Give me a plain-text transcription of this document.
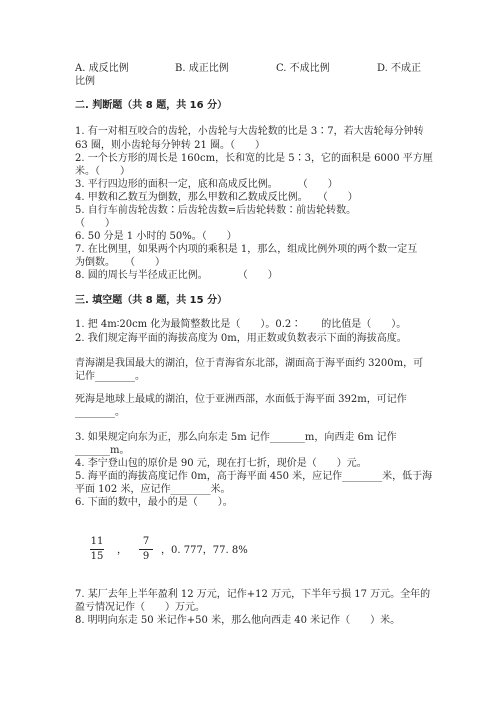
A. 成反比例	B. 成正比例	C. 不成比例	D. 不成正
比例
二. 判断题（共 8 题，共 16 分）
1. 有一对相互咬合的齿轮，小齿轮与大齿轮数的比是 3∶7，若大齿轮每分钟转
63 圈，则小齿轮每分钟转 21 圈。（　　）
2. 一个长方形的周长是 160cm，长和宽的比是 5∶3，它的面积是 6000 平方厘
米。（　　）
3. 平行四边形的面积一定，底和高成反比例。　　　（　　）
4. 甲数和乙数互为倒数，那么甲数和乙数成反比例。　　（　　）
5. 自行车前齿轮齿数∶后齿轮齿数=后齿轮转数∶前齿轮转数。
（　　）
6. 50 分是 1 小时的 50%。（　　）
7. 在比例里，如果两个内项的乘积是 1，那么，组成比例外项的两个数一定互
为倒数。　　（　　）
8. 圆的周长与半径成正比例。　　　　（　　）
三. 填空题（共 8 题，共 15 分）
1. 把 4m∶20cm 化为最简整数比是（　　）。0.2∶　　的比值是（　　）。
2. 我们规定海平面的海拔高度为 0m，用正数或负数表示下面的海拔高度。
青海湖是我国最大的湖泊，位于青海省东北部，湖面高于海平面约 3200m，可
记作________。
死海是地球上最咸的湖泊，位于亚洲西部，水面低于海平面 392m，可记作
________。
3. 如果规定向东为正，那么向东走 5m 记作_______m，向西走 6m 记作
_______m。
4. 李宁登山包的原价是 90 元，现在打七折，现价是（　　）元。
5. 海平面的海拔高度记作 0m，高于海平面 450 米，应记作________米，低于海
平面 102 米，应记作________米。
6. 下面的数中，最小的是（　　）。
11
15
，
7
9
，0. 777，77. 8%
7. 某厂去年上半年盈利 12 万元，记作+12 万元，下半年亏损 17 万元。全年的
盈亏情况记作（　　）万元。
8. 明明向东走 50 米记作+50 米，那么他向西走 40 米记作（　　）米。
